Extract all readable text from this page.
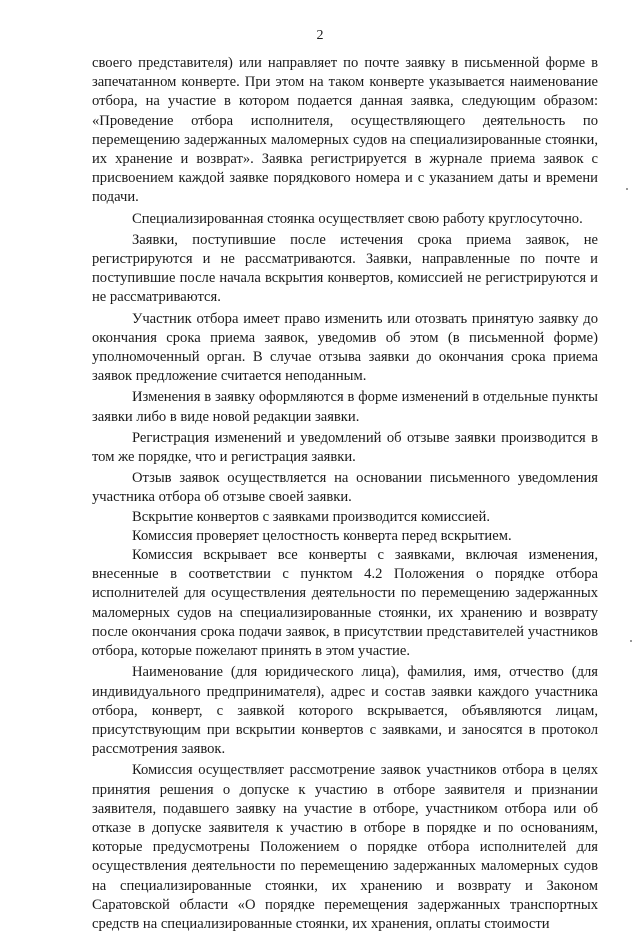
2

своего представителя) или направляет по почте заявку в письменной форме в запечатанном конверте. При этом на таком конверте указывается наименование отбора, на участие в котором подается данная заявка, следующим образом: «Проведение отбора исполнителя, осуществляющего деятельность по перемещению задержанных маломерных судов на специализированные стоянки, их хранение и возврат». Заявка регистрируется в журнале приема заявок с присвоением каждой заявке порядкового номера и с указанием даты и времени подачи.

Специализированная стоянка осуществляет свою работу круглосуточно.

Заявки, поступившие после истечения срока приема заявок, не регистрируются и не рассматриваются. Заявки, направленные по почте и поступившие после начала вскрытия конвертов, комиссией не регистрируются и не рассматриваются.

Участник отбора имеет право изменить или отозвать принятую заявку до окончания срока приема заявок, уведомив об этом (в письменной форме) уполномоченный орган. В случае отзыва заявки до окончания срока приема заявок предложение считается неподанным.

Изменения в заявку оформляются в форме изменений в отдельные пункты заявки либо в виде новой редакции заявки.

Регистрация изменений и уведомлений об отзыве заявки производится в том же порядке, что и регистрация заявки.

Отзыв заявок осуществляется на основании письменного уведомления участника отбора об отзыве своей заявки.

Вскрытие конвертов с заявками производится комиссией.

Комиссия проверяет целостность конверта перед вскрытием.

Комиссия вскрывает все конверты с заявками, включая изменения, внесенные в соответствии с пунктом 4.2 Положения о порядке отбора исполнителей для осуществления деятельности по перемещению задержанных маломерных судов на специализированные стоянки, их хранению и возврату после окончания срока подачи заявок, в присутствии представителей участников отбора, которые пожелают принять в этом участие.

Наименование (для юридического лица), фамилия, имя, отчество (для индивидуального предпринимателя), адрес и состав заявки каждого участника отбора, конверт, с заявкой которого вскрывается, объявляются лицам, присутствующим при вскрытии конвертов с заявками, и заносятся в протокол рассмотрения заявок.

Комиссия осуществляет рассмотрение заявок участников отбора в целях принятия решения о допуске к участию в отборе заявителя и признании заявителя, подавшего заявку на участие в отборе, участником отбора или об отказе в допуске заявителя к участию в отборе в порядке и по основаниям, которые предусмотрены Положением о порядке отбора исполнителей для осуществления деятельности по перемещению задержанных маломерных судов на специализированные стоянки, их хранению и возврату и Законом Саратовской области «О порядке перемещения задержанных транспортных средств на специализированные стоянки, их хранения, оплаты стоимости
